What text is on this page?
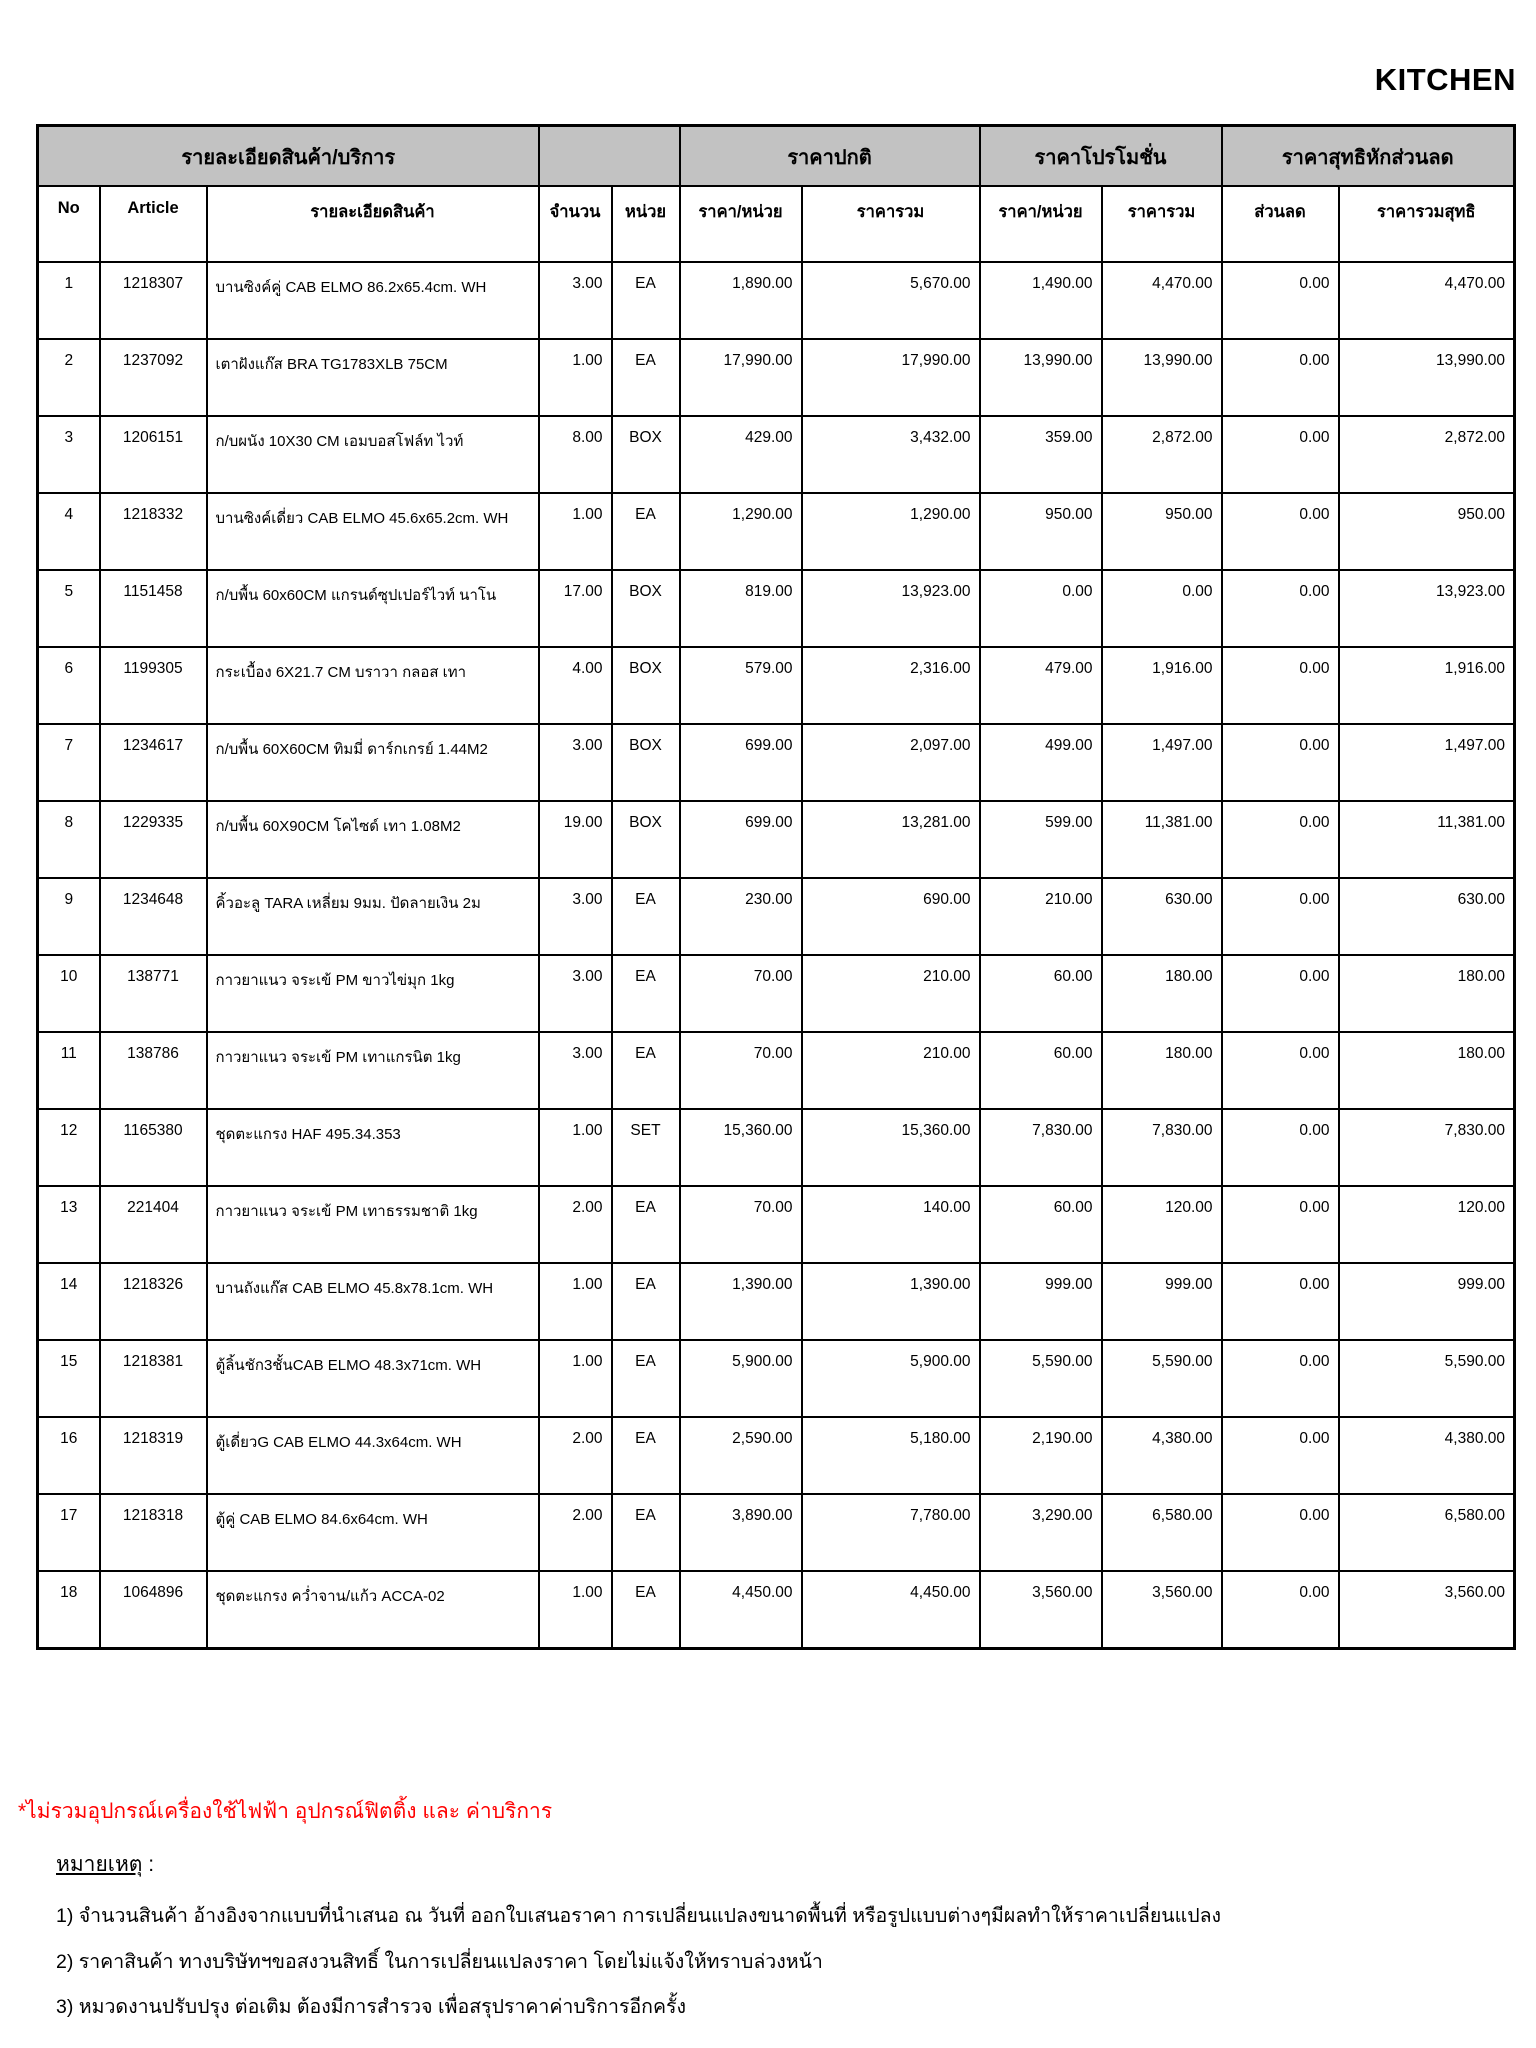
KITCHEN
รายละเอียดสินค้า/บริการ					ราคาปกติ		ราคาโปรโมชั่น		ราคาสุทธิหักส่วนลด	
No	Article	รายละเอียดสินค้า	จำนวน	หน่วย	ราคา/หน่วย	ราคารวม	ราคา/หน่วย	ราคารวม	ส่วนลด	ราคารวมสุทธิ
1	1218307	บานซิงค์คู่ CAB ELMO 86.2x65.4cm. WH	3.00	EA	1,890.00	5,670.00	1,490.00	4,470.00	0.00	4,470.00
2	1237092	เตาฝังแก๊ส BRA TG1783XLB 75CM	1.00	EA	17,990.00	17,990.00	13,990.00	13,990.00	0.00	13,990.00
3	1206151	ก/บผนัง 10X30 CM เอมบอสโฟล์ท ไวท์	8.00	BOX	429.00	3,432.00	359.00	2,872.00	0.00	2,872.00
4	1218332	บานซิงค์เดี่ยว CAB ELMO 45.6x65.2cm. WH	1.00	EA	1,290.00	1,290.00	950.00	950.00	0.00	950.00
5	1151458	ก/บพื้น 60x60CM แกรนด์ซุปเปอร์ไวท์ นาโน	17.00	BOX	819.00	13,923.00	0.00	0.00	0.00	13,923.00
6	1199305	กระเบื้อง 6X21.7 CM บราวา กลอส เทา	4.00	BOX	579.00	2,316.00	479.00	1,916.00	0.00	1,916.00
7	1234617	ก/บพื้น 60X60CM ทิมมี่ ดาร์กเกรย์ 1.44M2	3.00	BOX	699.00	2,097.00	499.00	1,497.00	0.00	1,497.00
8	1229335	ก/บพื้น 60X90CM โคไซด์ เทา 1.08M2	19.00	BOX	699.00	13,281.00	599.00	11,381.00	0.00	11,381.00
9	1234648	คิ้วอะลู TARA เหลี่ยม 9มม. ปัดลายเงิน 2ม	3.00	EA	230.00	690.00	210.00	630.00	0.00	630.00
10	138771	กาวยาแนว จระเข้ PM ขาวไข่มุก 1kg	3.00	EA	70.00	210.00	60.00	180.00	0.00	180.00
11	138786	กาวยาแนว จระเข้ PM เทาแกรนิต 1kg	3.00	EA	70.00	210.00	60.00	180.00	0.00	180.00
12	1165380	ชุดตะแกรง HAF 495.34.353	1.00	SET	15,360.00	15,360.00	7,830.00	7,830.00	0.00	7,830.00
13	221404	กาวยาแนว จระเข้ PM เทาธรรมชาติ 1kg	2.00	EA	70.00	140.00	60.00	120.00	0.00	120.00
14	1218326	บานถังแก๊ส CAB ELMO 45.8x78.1cm. WH	1.00	EA	1,390.00	1,390.00	999.00	999.00	0.00	999.00
15	1218381	ตู้ลิ้นชัก3ชั้นCAB ELMO 48.3x71cm. WH	1.00	EA	5,900.00	5,900.00	5,590.00	5,590.00	0.00	5,590.00
16	1218319	ตู้เดี่ยวG CAB ELMO 44.3x64cm. WH	2.00	EA	2,590.00	5,180.00	2,190.00	4,380.00	0.00	4,380.00
17	1218318	ตู้คู่ CAB ELMO 84.6x64cm. WH	2.00	EA	3,890.00	7,780.00	3,290.00	6,580.00	0.00	6,580.00
18	1064896	ชุดตะแกรง คว่ำจาน/แก้ว ACCA-02	1.00	EA	4,450.00	4,450.00	3,560.00	3,560.00	0.00	3,560.00
*ไม่รวมอุปกรณ์เครื่องใช้ไฟฟ้า อุปกรณ์ฟิตติ้ง และ ค่าบริการ
หมายเหตุ :
1) จำนวนสินค้า อ้างอิงจากแบบที่นำเสนอ ณ วันที่ ออกใบเสนอราคา การเปลี่ยนแปลงขนาดพื้นที่ หรือรูปแบบต่างๆมีผลทำให้ราคาเปลี่ยนแปลง
2) ราคาสินค้า ทางบริษัทฯขอสงวนสิทธิ์ ในการเปลี่ยนแปลงราคา โดยไม่แจ้งให้ทราบล่วงหน้า
3) หมวดงานปรับปรุง ต่อเติม ต้องมีการสำรวจ เพื่อสรุปราคาค่าบริการอีกครั้ง
